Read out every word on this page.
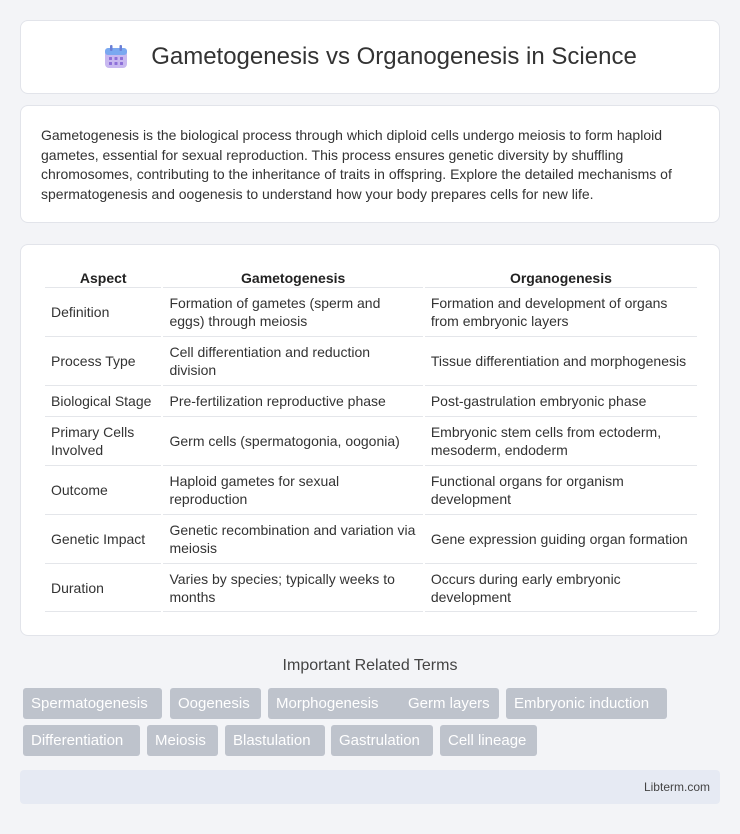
Gametogenesis vs Organogenesis in Science

Gametogenesis is the biological process through which diploid cells undergo meiosis to form haploid gametes, essential for sexual reproduction. This process ensures genetic diversity by shuffling chromosomes, contributing to the inheritance of traits in offspring. Explore the detailed mechanisms of spermatogenesis and oogenesis to understand how your body prepares cells for new life.

Aspect	Gametogenesis	Organogenesis
Definition	Formation of gametes (sperm and eggs) through meiosis	Formation and development of organs from embryonic layers
Process Type	Cell differentiation and reduction division	Tissue differentiation and morphogenesis
Biological Stage	Pre-fertilization reproductive phase	Post-gastrulation embryonic phase
Primary Cells Involved	Germ cells (spermatogonia, oogonia)	Embryonic stem cells from ectoderm, mesoderm, endoderm
Outcome	Haploid gametes for sexual reproduction	Functional organs for organism development
Genetic Impact	Genetic recombination and variation via meiosis	Gene expression guiding organ formation
Duration	Varies by species; typically weeks to months	Occurs during early embryonic development
Important Related Terms
Spermatogenesis	Oogenesis	Morphogenesis	Germ layers	Embryonic induction
Differentiation	Meiosis	Blastulation	Gastrulation	Cell lineage
Libterm.com
